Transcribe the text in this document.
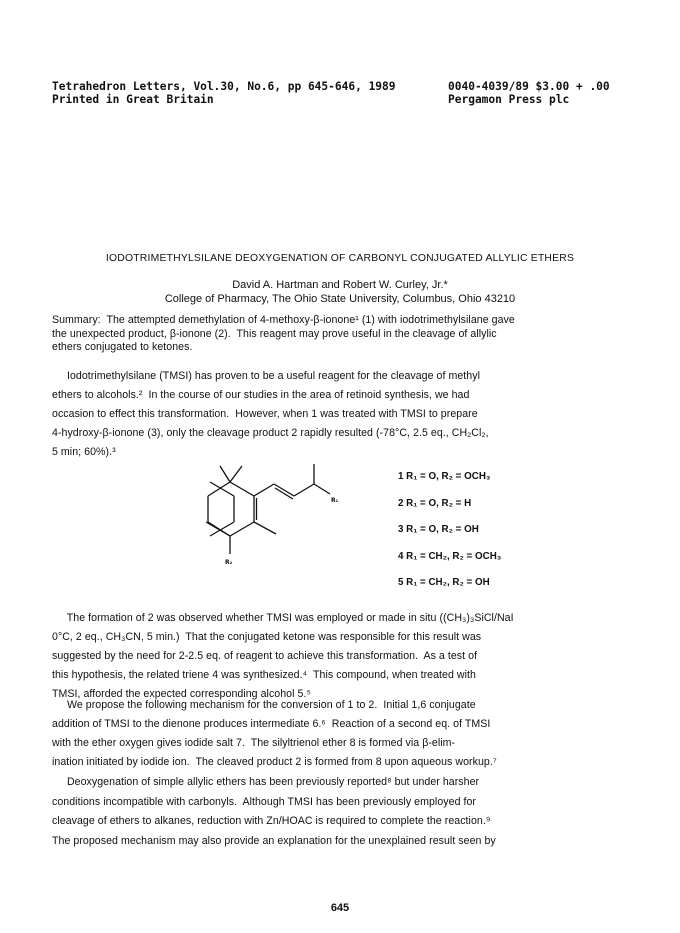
Tetrahedron Letters, Vol.30, No.6, pp 645-646, 1989	0040-4039/89 $3.00 + .00
Printed in Great Britain	Pergamon Press plc
IODOTRIMETHYLSILANE DEOXYGENATION OF CARBONYL CONJUGATED ALLYLIC ETHERS
David A. Hartman and Robert W. Curley, Jr.*
College of Pharmacy, The Ohio State University, Columbus, Ohio 43210
Summary:  The attempted demethylation of 4-methoxy-β-ionone¹ (1) with iodotrimethylsilane gave
the unexpected product, β-ionone (2).  This reagent may prove useful in the cleavage of allylic
ethers conjugated to ketones.
Iodotrimethylsilane (TMSI) has proven to be a useful reagent for the cleavage of methyl
ethers to alcohols.²  In the course of our studies in the area of retinoid synthesis, we had
occasion to effect this transformation.  However, when 1 was treated with TMSI to prepare
4-hydroxy-β-ionone (3), only the cleavage product 2 rapidly resulted (-78°C, 2.5 eq., CH₂Cl₂,
5 min; 60%).³
R₁
R₂
1 R₁ = O, R₂ = OCH₃
2 R₁ = O, R₂ = H
3 R₁ = O, R₂ = OH
4 R₁ = CH₂, R₂ = OCH₃
5 R₁ = CH₂, R₂ = OH
The formation of 2 was observed whether TMSI was employed or made in situ ((CH₃)₃SiCl/NaI
0°C, 2 eq., CH₃CN, 5 min.)  That the conjugated ketone was responsible for this result was
suggested by the need for 2-2.5 eq. of reagent to achieve this transformation.  As a test of
this hypothesis, the related triene 4 was synthesized.⁴  This compound, when treated with
TMSI, afforded the expected corresponding alcohol 5.⁵
We propose the following mechanism for the conversion of 1 to 2.  Initial 1,6 conjugate
addition of TMSI to the dienone produces intermediate 6.⁶  Reaction of a second eq. of TMSI
with the ether oxygen gives iodide salt 7.  The silyltrienol ether 8 is formed via β-elim-
ination initiated by iodide ion.  The cleaved product 2 is formed from 8 upon aqueous workup.⁷
Deoxygenation of simple allylic ethers has been previously reported⁸ but under harsher
conditions incompatible with carbonyls.  Although TMSI has been previously employed for
cleavage of ethers to alkanes, reduction with Zn/HOAC is required to complete the reaction.⁹
The proposed mechanism may also provide an explanation for the unexplained result seen by
645
